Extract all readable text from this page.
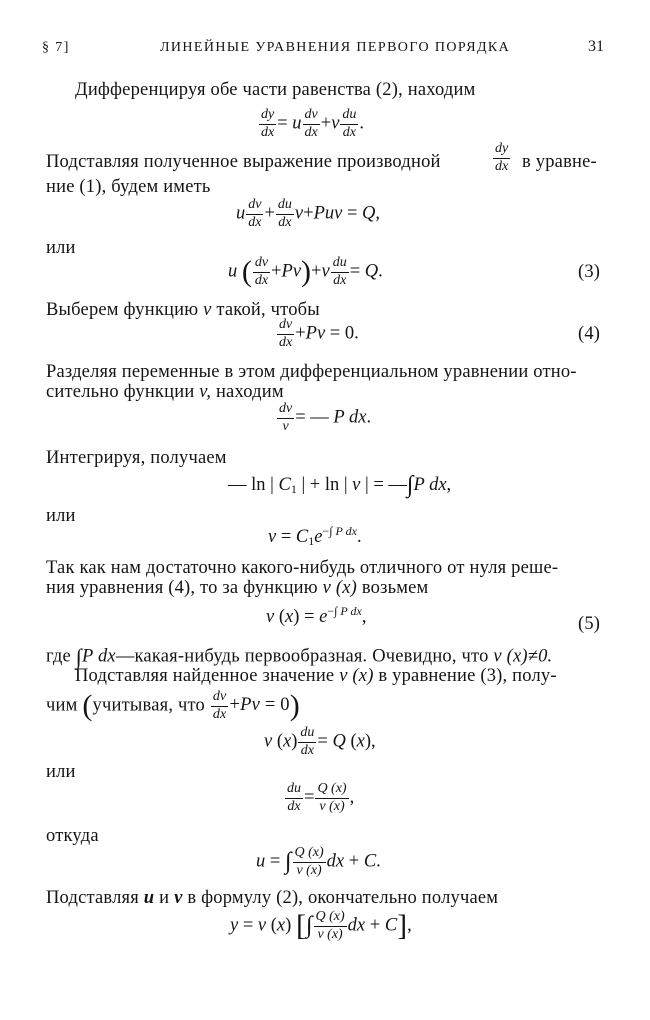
§ 7]	ЛИНЕЙНЫЕ УРАВНЕНИЯ ПЕРВОГО ПОРЯДКА	31
Дифференцируя обе части равенства (2), находим
$\frac{dy}{dx} = u \frac{dv}{dx} +v \frac{du}{dx}$ .
Подставляя полученное выражение производной	$\frac{dy}{dx}$ в уравне-
ние (1), будем иметь
u $\frac{dv}{dx} + \frac{du}{dx} v+Puv = Q$,
или
u ( $\frac{dv}{dx} +Pv)+v \frac{du}{dx} = Q$.	(3)
Выберем функцию v такой, чтобы
$\frac{dv}{dx} +Pv = 0$.	(4)
Разделяя переменные в этом дифференциальном уравнении отно-
сительно функции v, находим
$\frac{dv}{v}$ = — P dx.
Интегрируя, получаем
— ln | $C_1$ | + ln | v | = —∫P dx,
или
$v = C_1e^{-\int P dx}$.
Так как нам достаточно какого-нибудь отличного от нуля реше-
ния уравнения (4), то за функцию v (x) возьмем
v $(x) = e^{-\int P dx}$,	(5)
где ∫P dx—какая-нибудь первообразная. Очевидно, что v (x)≠0.
Подставляя найденное значение v (x) в уравнение (3), полу-
чим (учитывая, что $\frac{dv}{dx} +Pv = 0$)
v $(x) \frac{du}{dx} = Q$ (x),
или
$\frac{du}{dx} = \frac{Q (x)}{v (x)}$ ,
откуда
u = ∫ $\frac{Q (x)}{v (x)}$ dx + C.
Подставляя u и v в формулу (2), окончательно получаем
y = v (x) [∫ $\frac{Q (x)}{v (x)}$ dx + C],
